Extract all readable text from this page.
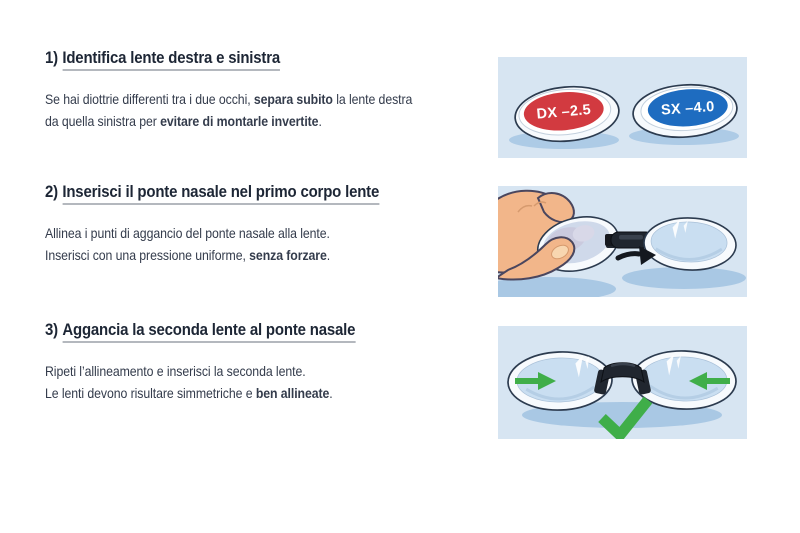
1) Identifica lente destra e sinistra
Se hai diottrie differenti tra i due occhi, separa subito la lente destra
da quella sinistra per evitare di montarle invertite.
2) Inserisci il ponte nasale nel primo corpo lente
Allinea i punti di aggancio del ponte nasale alla lente.
Inserisci con una pressione uniforme, senza forzare.
3) Aggancia la seconda lente al ponte nasale
Ripeti l’allineamento e inserisci la seconda lente.
Le lenti devono risultare simmetriche e ben allineate.
DX –2.5	SX –4.0
